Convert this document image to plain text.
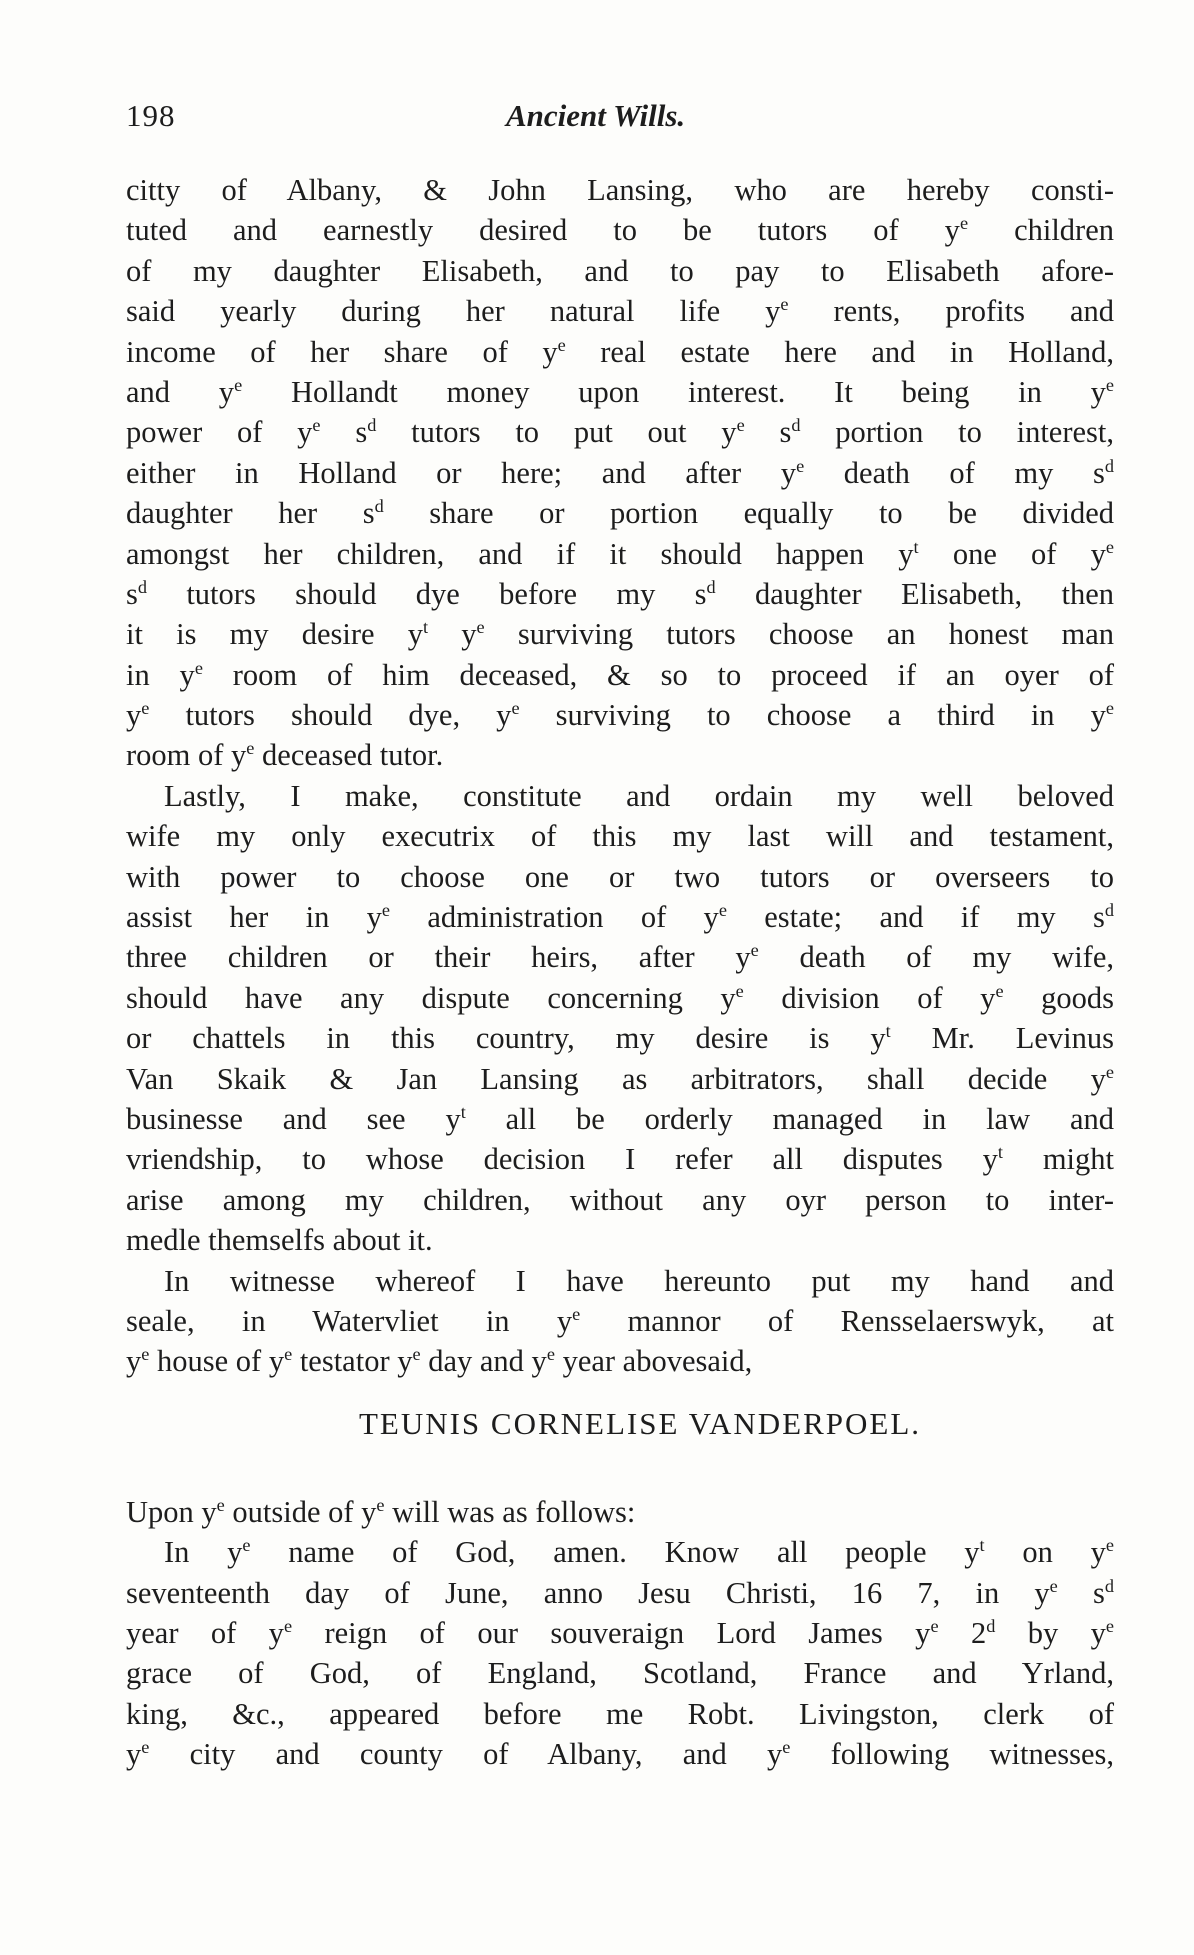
198	Ancient Wills.
citty of Albany, & John Lansing, who are hereby consti-
tuted and earnestly desired to be tutors of $y^e$ children
of my daughter Elisabeth, and to pay to Elisabeth afore-
said yearly during her natural life $y^e$ rents, profits and
income of her share of $y^e$ real estate here and in Holland,
and $y^e$ Hollandt money upon interest. It being in $y^e$
power of $y^e$ $s^d$ tutors to put out $y^e$ $s^d$ portion to interest,
either in Holland or here; and after $y^e$ death of my $s^d$
daughter her $s^d$ share or portion equally to be divided
amongst her children, and if it should happen $y^t$ one of $y^e$
$s^d$ tutors should dye before my $s^d$ daughter Elisabeth, then
it is my desire $y^t$ $y^e$ surviving tutors choose an honest man
in $y^e$ room of him deceased, & so to proceed if an oyer of
$y^e$ tutors should dye, $y^e$ surviving to choose a third in $y^e$
room of $y^e$ deceased tutor.
Lastly, I make, constitute and ordain my well beloved
wife my only executrix of this my last will and testament,
with power to choose one or two tutors or overseers to
assist her in $y^e$ administration of $y^e$ estate; and if my $s^d$
three children or their heirs, after $y^e$ death of my wife,
should have any dispute concerning $y^e$ division of $y^e$ goods
or chattels in this country, my desire is $y^t$ Mr. Levinus
Van Skaik & Jan Lansing as arbitrators, shall decide $y^e$
businesse and see $y^t$ all be orderly managed in law and
vriendship, to whose decision I refer all disputes $y^t$ might
arise among my children, without any oyr person to inter-
medle themselfs about it.
In witnesse whereof I have hereunto put my hand and
seale, in Watervliet in $y^e$ mannor of Rensselaerswyk, at
$y^e$ house of $y^e$ testator $y^e$ day and $y^e$ year abovesaid,
TEUNIS CORNELISE VANDERPOEL.
Upon $y^e$ outside of $y^e$ will was as follows:
In $y^e$ name of God, amen. Know all people $y^t$ on $y^e$
seventeenth day of June, anno Jesu Christi, 16 7, in $y^e$ $s^d$
year of $y^e$ reign of our souveraign Lord James $y^e$ 2$^d$ by $y^e$
grace of God, of England, Scotland, France and Yrland,
king, &c., appeared before me Robt. Livingston, clerk of
$y^e$ city and county of Albany, and $y^e$ following witnesses,
